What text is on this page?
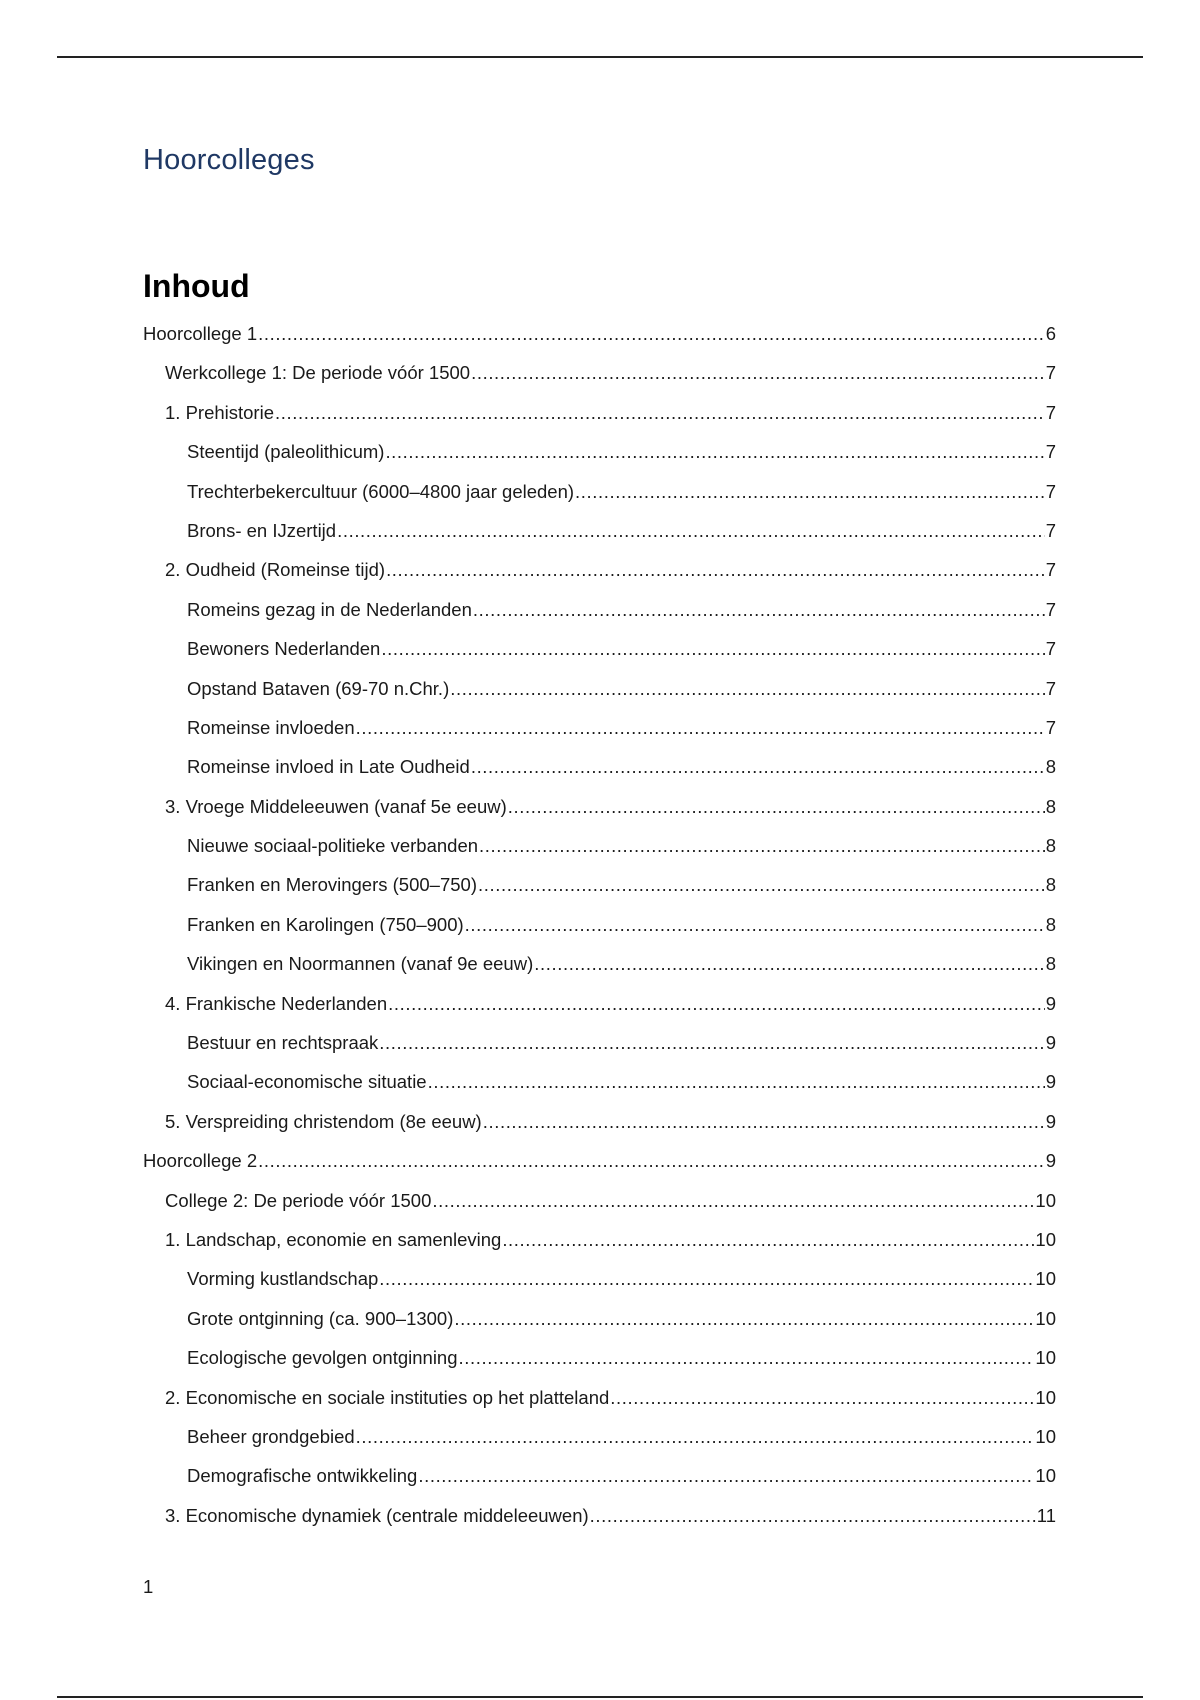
Hoorcolleges
Inhoud
Hoorcollege 1 .....	6
Werkcollege 1: De periode vóór 1500 .....	7
1. Prehistorie .....	7
Steentijd (paleolithicum) .....	7
Trechterbekercultuur (6000–4800 jaar geleden) .....	7
Brons- en IJzertijd .....	7
2. Oudheid (Romeinse tijd) .....	7
Romeins gezag in de Nederlanden .....	7
Bewoners Nederlanden .....	7
Opstand Bataven (69-70 n.Chr.) .....	7
Romeinse invloeden .....	7
Romeinse invloed in Late Oudheid .....	8
3. Vroege Middeleeuwen (vanaf 5e eeuw) .....	8
Nieuwe sociaal-politieke verbanden .....	8
Franken en Merovingers (500–750) .....	8
Franken en Karolingen (750–900) .....	8
Vikingen en Noormannen (vanaf 9e eeuw) .....	8
4. Frankische Nederlanden .....	9
Bestuur en rechtspraak .....	9
Sociaal-economische situatie .....	9
5. Verspreiding christendom (8e eeuw) .....	9
Hoorcollege 2 .....	9
College 2: De periode vóór 1500 .....	10
1. Landschap, economie en samenleving .....	10
Vorming kustlandschap .....	10
Grote ontginning (ca. 900–1300) .....	10
Ecologische gevolgen ontginning .....	10
2. Economische en sociale instituties op het platteland .....	10
Beheer grondgebied .....	10
Demografische ontwikkeling .....	10
3. Economische dynamiek (centrale middeleeuwen) .....	11
1
